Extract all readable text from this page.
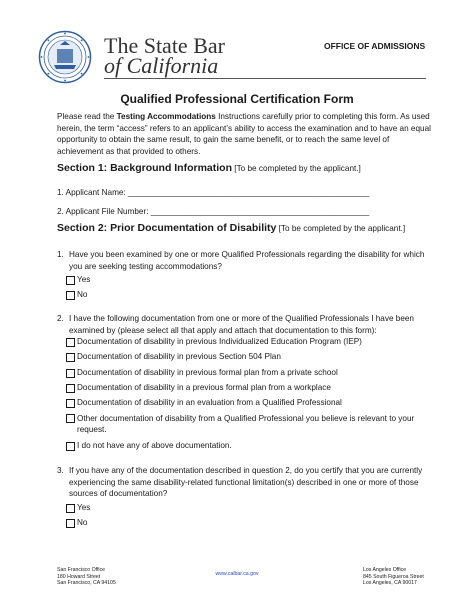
The State Bar
of California
OFFICE OF ADMISSIONS
Qualified Professional Certification Form
Please read the Testing Accommodations Instructions carefully prior to completing this form. As used herein, the term “access” refers to an applicant’s ability to access the examination and to have an equal opportunity to obtain the same result, to gain the same benefit, or to reach the same level of achievement as that provided to others.
Section 1: Background Information [To be completed by the applicant.]
1. Applicant Name: _____________________________________________________
2. Applicant File Number: ________________________________________________
Section 2: Prior Documentation of Disability [To be completed by the applicant.]
1. Have you been examined by one or more Qualified Professionals regarding the disability for which you are seeking testing accommodations?
Yes
No
2. I have the following documentation from one or more of the Qualified Professionals I have been examined by (please select all that apply and attach that documentation to this form):
Documentation of disability in previous Individualized Education Program (IEP)
Documentation of disability in previous Section 504 Plan
Documentation of disability in previous formal plan from a private school
Documentation of disability in a previous formal plan from a workplace
Documentation of disability in an evaluation from a Qualified Professional
Other documentation of disability from a Qualified Professional you believe is relevant to your request.
I do not have any of above documentation.
3. If you have any of the documentation described in question 2, do you certify that you are currently experiencing the same disability-related functional limitation(s) described in one or more of those sources of documentation?
Yes
No
San Francisco Office
180 Howard Street
San Francisco, CA 94105
www.calbar.ca.gov
Los Angeles Office
845 South Figueroa Street
Los Angeles, CA 90017
